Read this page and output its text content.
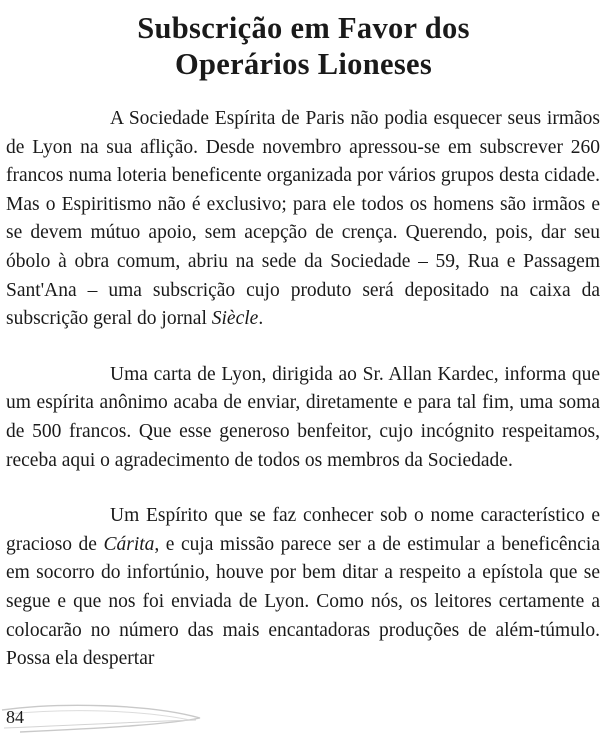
Subscrição em Favor dos
Operários Lioneses

A Sociedade Espírita de Paris não podia esquecer seus irmãos de Lyon na sua aflição. Desde novembro apressou-se em subscrever 260 francos numa loteria beneficente organizada por vários grupos desta cidade. Mas o Espiritismo não é exclusivo; para ele todos os homens são irmãos e se devem mútuo apoio, sem acepção de crença. Querendo, pois, dar seu óbolo à obra comum, abriu na sede da Sociedade – 59, Rua e Passagem Sant'Ana – uma subscrição cujo produto será depositado na caixa da subscrição geral do jornal Siècle.

Uma carta de Lyon, dirigida ao Sr. Allan Kardec, informa que um espírita anônimo acaba de enviar, diretamente e para tal fim, uma soma de 500 francos. Que esse generoso benfeitor, cujo incógnito respeitamos, receba aqui o agradecimento de todos os membros da Sociedade.

Um Espírito que se faz conhecer sob o nome característico e gracioso de Cárita, e cuja missão parece ser a de estimular a beneficência em socorro do infortúnio, houve por bem ditar a respeito a epístola que se segue e que nos foi enviada de Lyon. Como nós, os leitores certamente a colocarão no número das mais encantadoras produções de além-túmulo. Possa ela despertar

84
